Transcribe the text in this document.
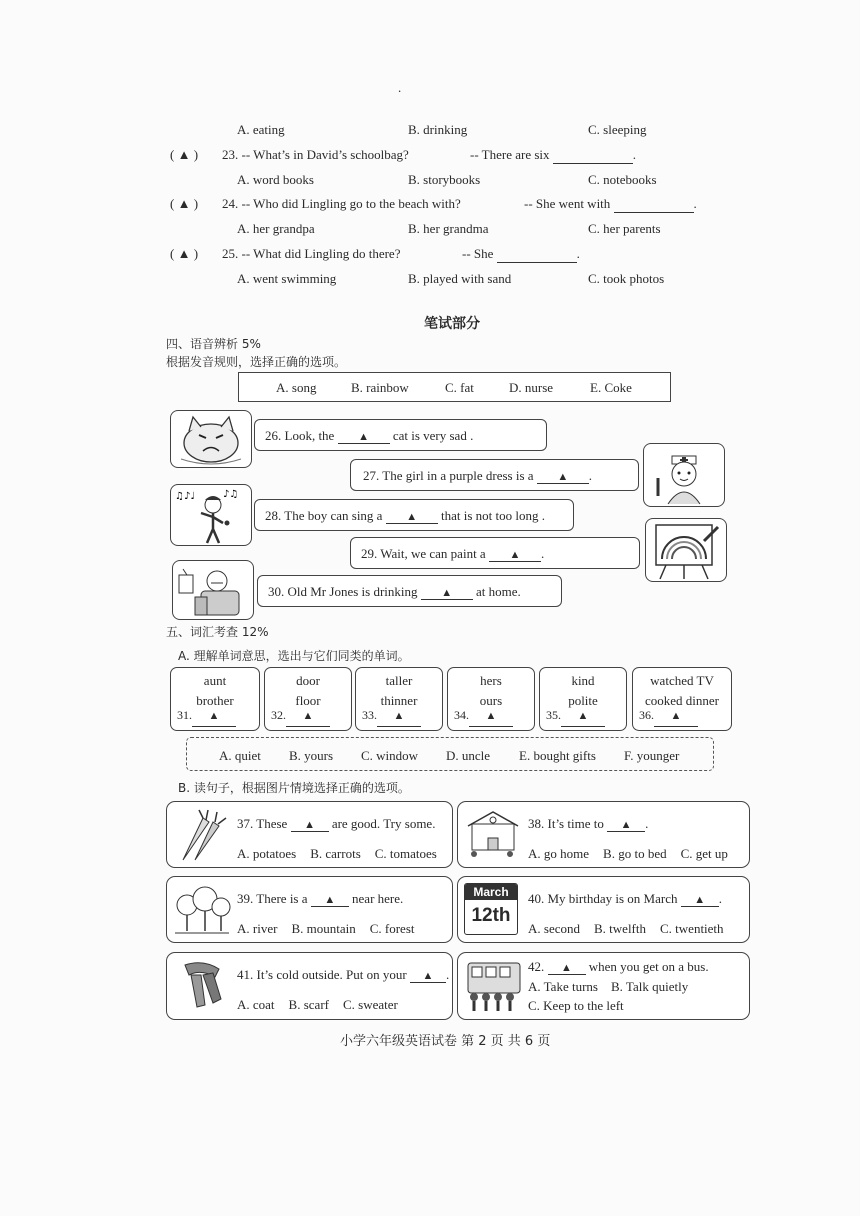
.
A. eating	B. drinking	C. sleeping
( ▲ ) 23. -- What’s in David’s schoolbag?	-- There are six	.
A. word books	B. storybooks	C. notebooks
( ▲ ) 24. -- Who did Lingling go to the beach with?	-- She went with	.
A. her grandpa	B. her grandma	C. her parents
( ▲ ) 25. -- What did Lingling do there?	-- She	.
A. went swimming	B. played with sand	C. took photos
笔试部分
四、语音辨析 5%
根据发音规则，选择正确的选项。
A. song	B. rainbow	C. fat	D. nurse	E. Coke
26. Look, the ▲ cat is very sad .
27. The girl in a purple dress is a ▲ .
♫♪♩	♪♫
28. The boy can sing a ▲ that is not too long .
29. Wait, we can paint a ▲ .
30. Old Mr Jones is drinking ▲ at home.
五、词汇考查 12%
A. 理解单词意思，选出与它们同类的单词。
aunt
brother
31. ▲
door
floor
32. ▲
taller
thinner
33. ▲
hers
ours
34. ▲
kind
polite
35. ▲
watched TV
cooked dinner
36. ▲
A. quiet B. yours C. window D. uncle E. bought gifts F. younger
B. 读句子，根据图片情境选择正确的选项。
37. These ▲ are good. Try some.
A. potatoes B. carrots C. tomatoes
38. It’s time to ▲ .
A. go home B. go to bed C. get up
39. There is a ▲ near here.
A. river B. mountain C. forest
March
12th
40. My birthday is on March ▲ .
A. second B. twelfth C. twentieth
41. It’s cold outside. Put on your ▲ .
A. coat B. scarf C. sweater
42. ▲ when you get on a bus.
A. Take turns B. Talk quietly
C. Keep to the left
小学六年级英语试卷 第 2 页 共 6 页
